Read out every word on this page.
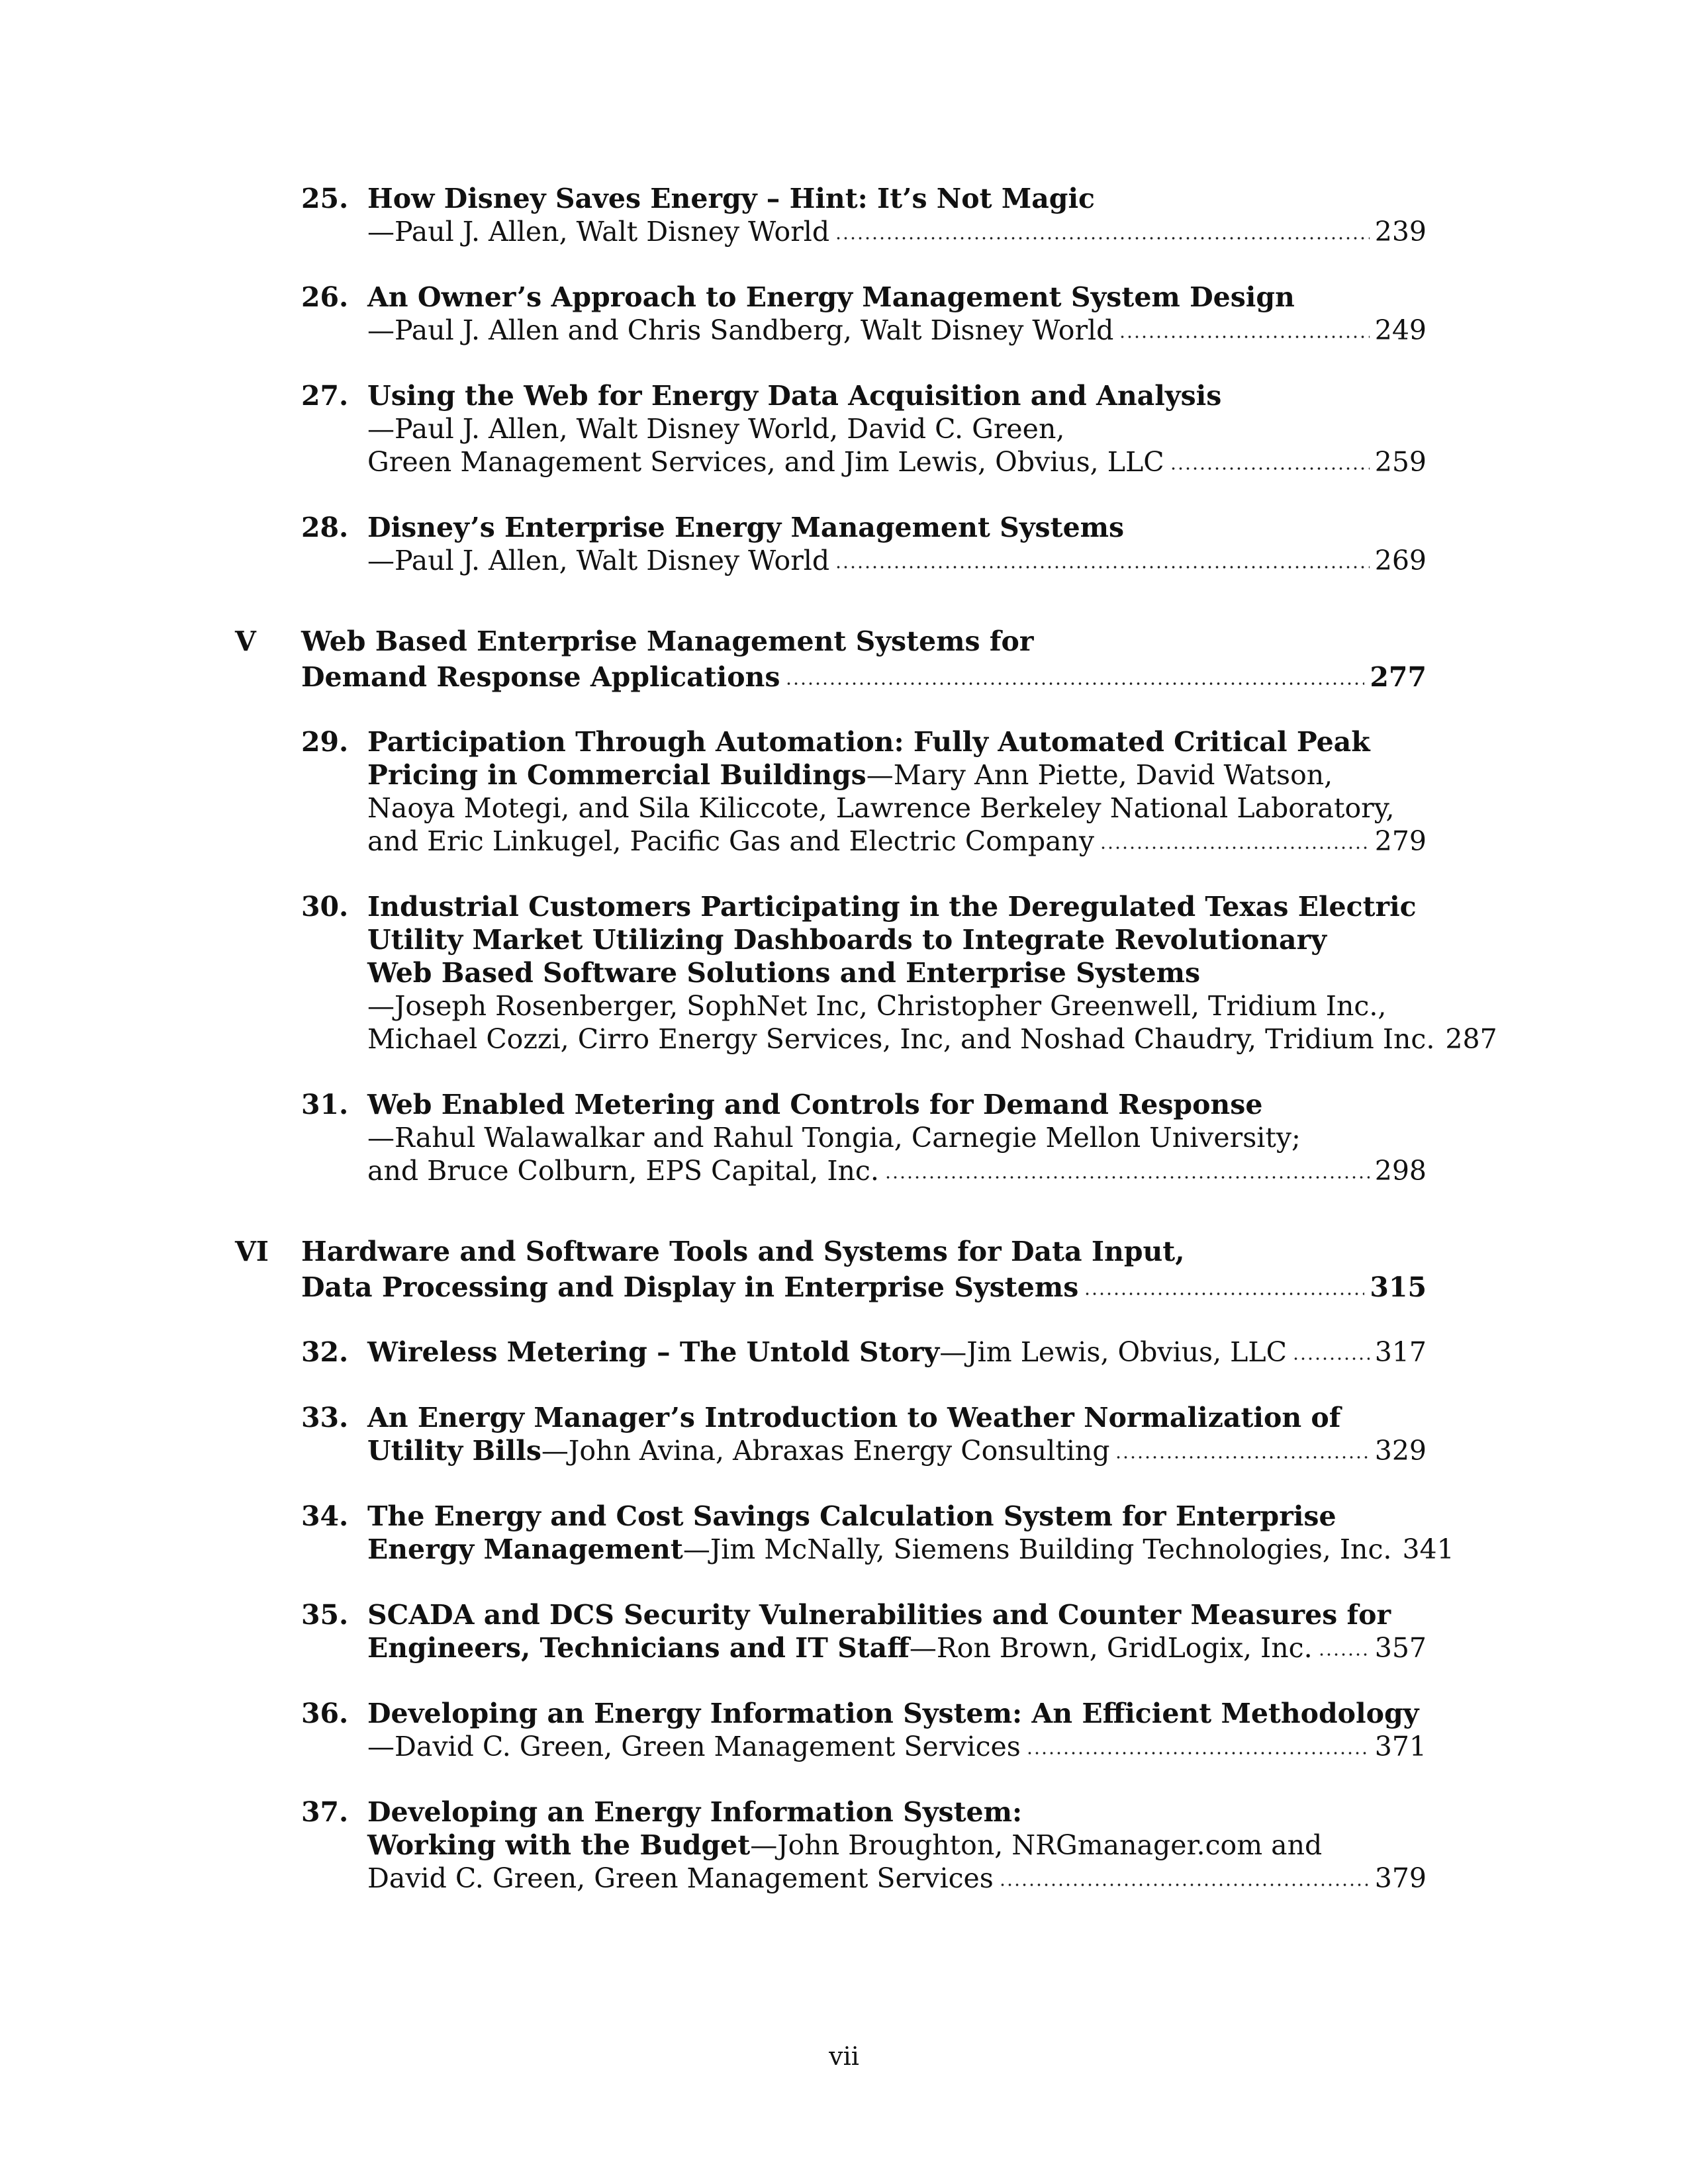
25. How Disney Saves Energy – Hint: It’s Not Magic
—Paul J. Allen, Walt Disney World	239
26. An Owner’s Approach to Energy Management System Design
—Paul J. Allen and Chris Sandberg, Walt Disney World	249
27. Using the Web for Energy Data Acquisition and Analysis
—Paul J. Allen, Walt Disney World, David C. Green,
Green Management Services, and Jim Lewis, Obvius, LLC	259
28. Disney’s Enterprise Energy Management Systems
—Paul J. Allen, Walt Disney World	269
V	Web Based Enterprise Management Systems for
Demand Response Applications	277
29. Participation Through Automation: Fully Automated Critical Peak
Pricing in Commercial Buildings—Mary Ann Piette, David Watson,
Naoya Motegi, and Sila Kiliccote, Lawrence Berkeley National Laboratory,
and Eric Linkugel, Pacific Gas and Electric Company	279
30. Industrial Customers Participating in the Deregulated Texas Electric
Utility Market Utilizing Dashboards to Integrate Revolutionary
Web Based Software Solutions and Enterprise Systems
—Joseph Rosenberger, SophNet Inc, Christopher Greenwell, Tridium Inc.,
Michael Cozzi, Cirro Energy Services, Inc, and Noshad Chaudry, Tridium Inc. 287
31. Web Enabled Metering and Controls for Demand Response
—Rahul Walawalkar and Rahul Tongia, Carnegie Mellon University;
and Bruce Colburn, EPS Capital, Inc.	298
VI	Hardware and Software Tools and Systems for Data Input,
Data Processing and Display in Enterprise Systems	315
32. Wireless Metering – The Untold Story—Jim Lewis, Obvius, LLC	317
33. An Energy Manager’s Introduction to Weather Normalization of
Utility Bills—John Avina, Abraxas Energy Consulting	329
34. The Energy and Cost Savings Calculation System for Enterprise
Energy Management—Jim McNally, Siemens Building Technologies, Inc. 341
35. SCADA and DCS Security Vulnerabilities and Counter Measures for
Engineers, Technicians and IT Staff—Ron Brown, GridLogix, Inc. 357
36. Developing an Energy Information System: An Efficient Methodology
—David C. Green, Green Management Services	371
37. Developing an Energy Information System:
Working with the Budget—John Broughton, NRGmanager.com and
David C. Green, Green Management Services	379
vii
